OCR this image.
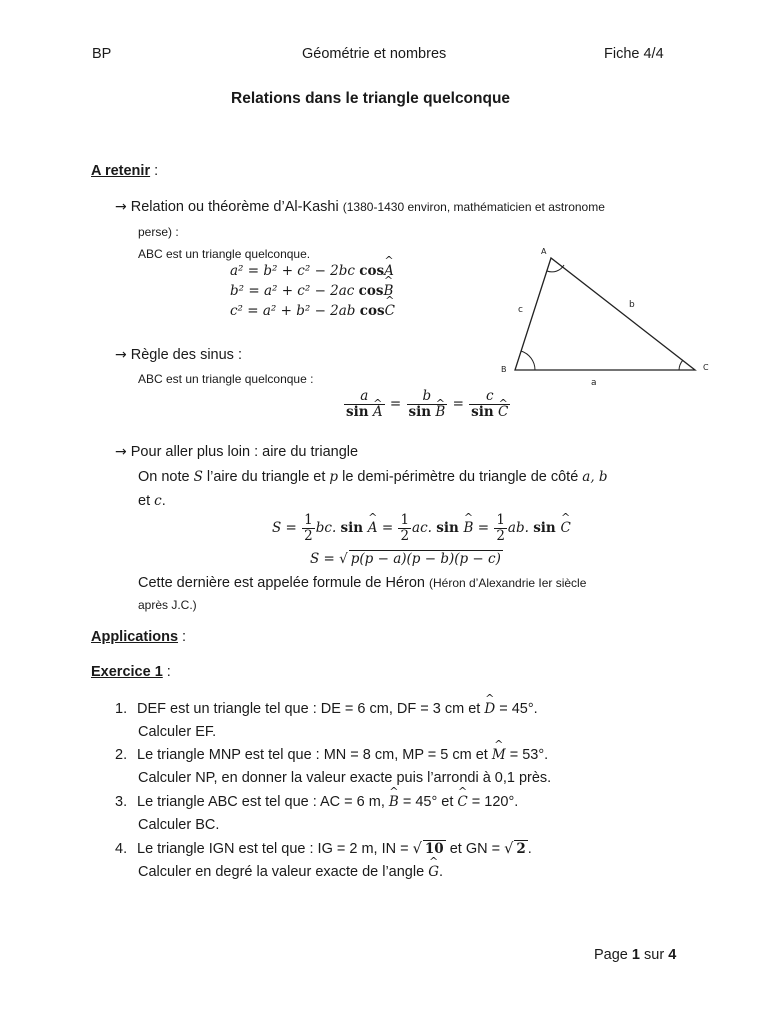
BP	Géométrie et nombres	Fiche 4/4
Relations dans le triangle quelconque
A retenir :
→ Relation ou théorème d’Al-Kashi (1380-1430 environ, mathématicien et astronome
perse) :
ABC est un triangle quelconque.
a² = b² + c² − 2bc cos^ A
b² = a² + c² − 2ac cos^ B
c² = a² + b² − 2ab cos^ C
A
B	C
c	b
a
→ Règle des sinus :
ABC est un triangle quelconque :
$\frac{a}{\sin \^{} A} = \frac{b}{\sin \^{} B} = \frac{c}{\sin \^{} C}$
→ Pour aller plus loin : aire du triangle
On note S l’aire du triangle et p le demi-périmètre du triangle de côté a, b
et c.
$S = \frac{1}{2}$ bc. sin ^ $A = \frac{1}{2}$ ac. sin ^ $B = \frac{1}{2}$ ab. sin ^ C
S = √ p(p − a)(p − b)(p − c)
Cette dernière est appelée formule de Héron (Héron d’Alexandrie Ier siècle
après J.C.)
Applications :
Exercice 1 :
1. DEF est un triangle tel que : DE = 6 cm, DF = 3 cm et ^ D = 45°.
Calculer EF.
2. Le triangle MNP est tel que : MN = 8 cm, MP = 5 cm et ^ M = 53°.
Calculer NP, en donner la valeur exacte puis l’arrondi à 0,1 près.
3. Le triangle ABC est tel que : AC = 6 m, ^ B = 45° et ^ C = 120°.
Calculer BC.
4. Le triangle IGN est tel que : IG = 2 m, IN = √ 10 et GN = √ 2 .
Calculer en degré la valeur exacte de l’angle ^ G.
Page 1 sur 4
